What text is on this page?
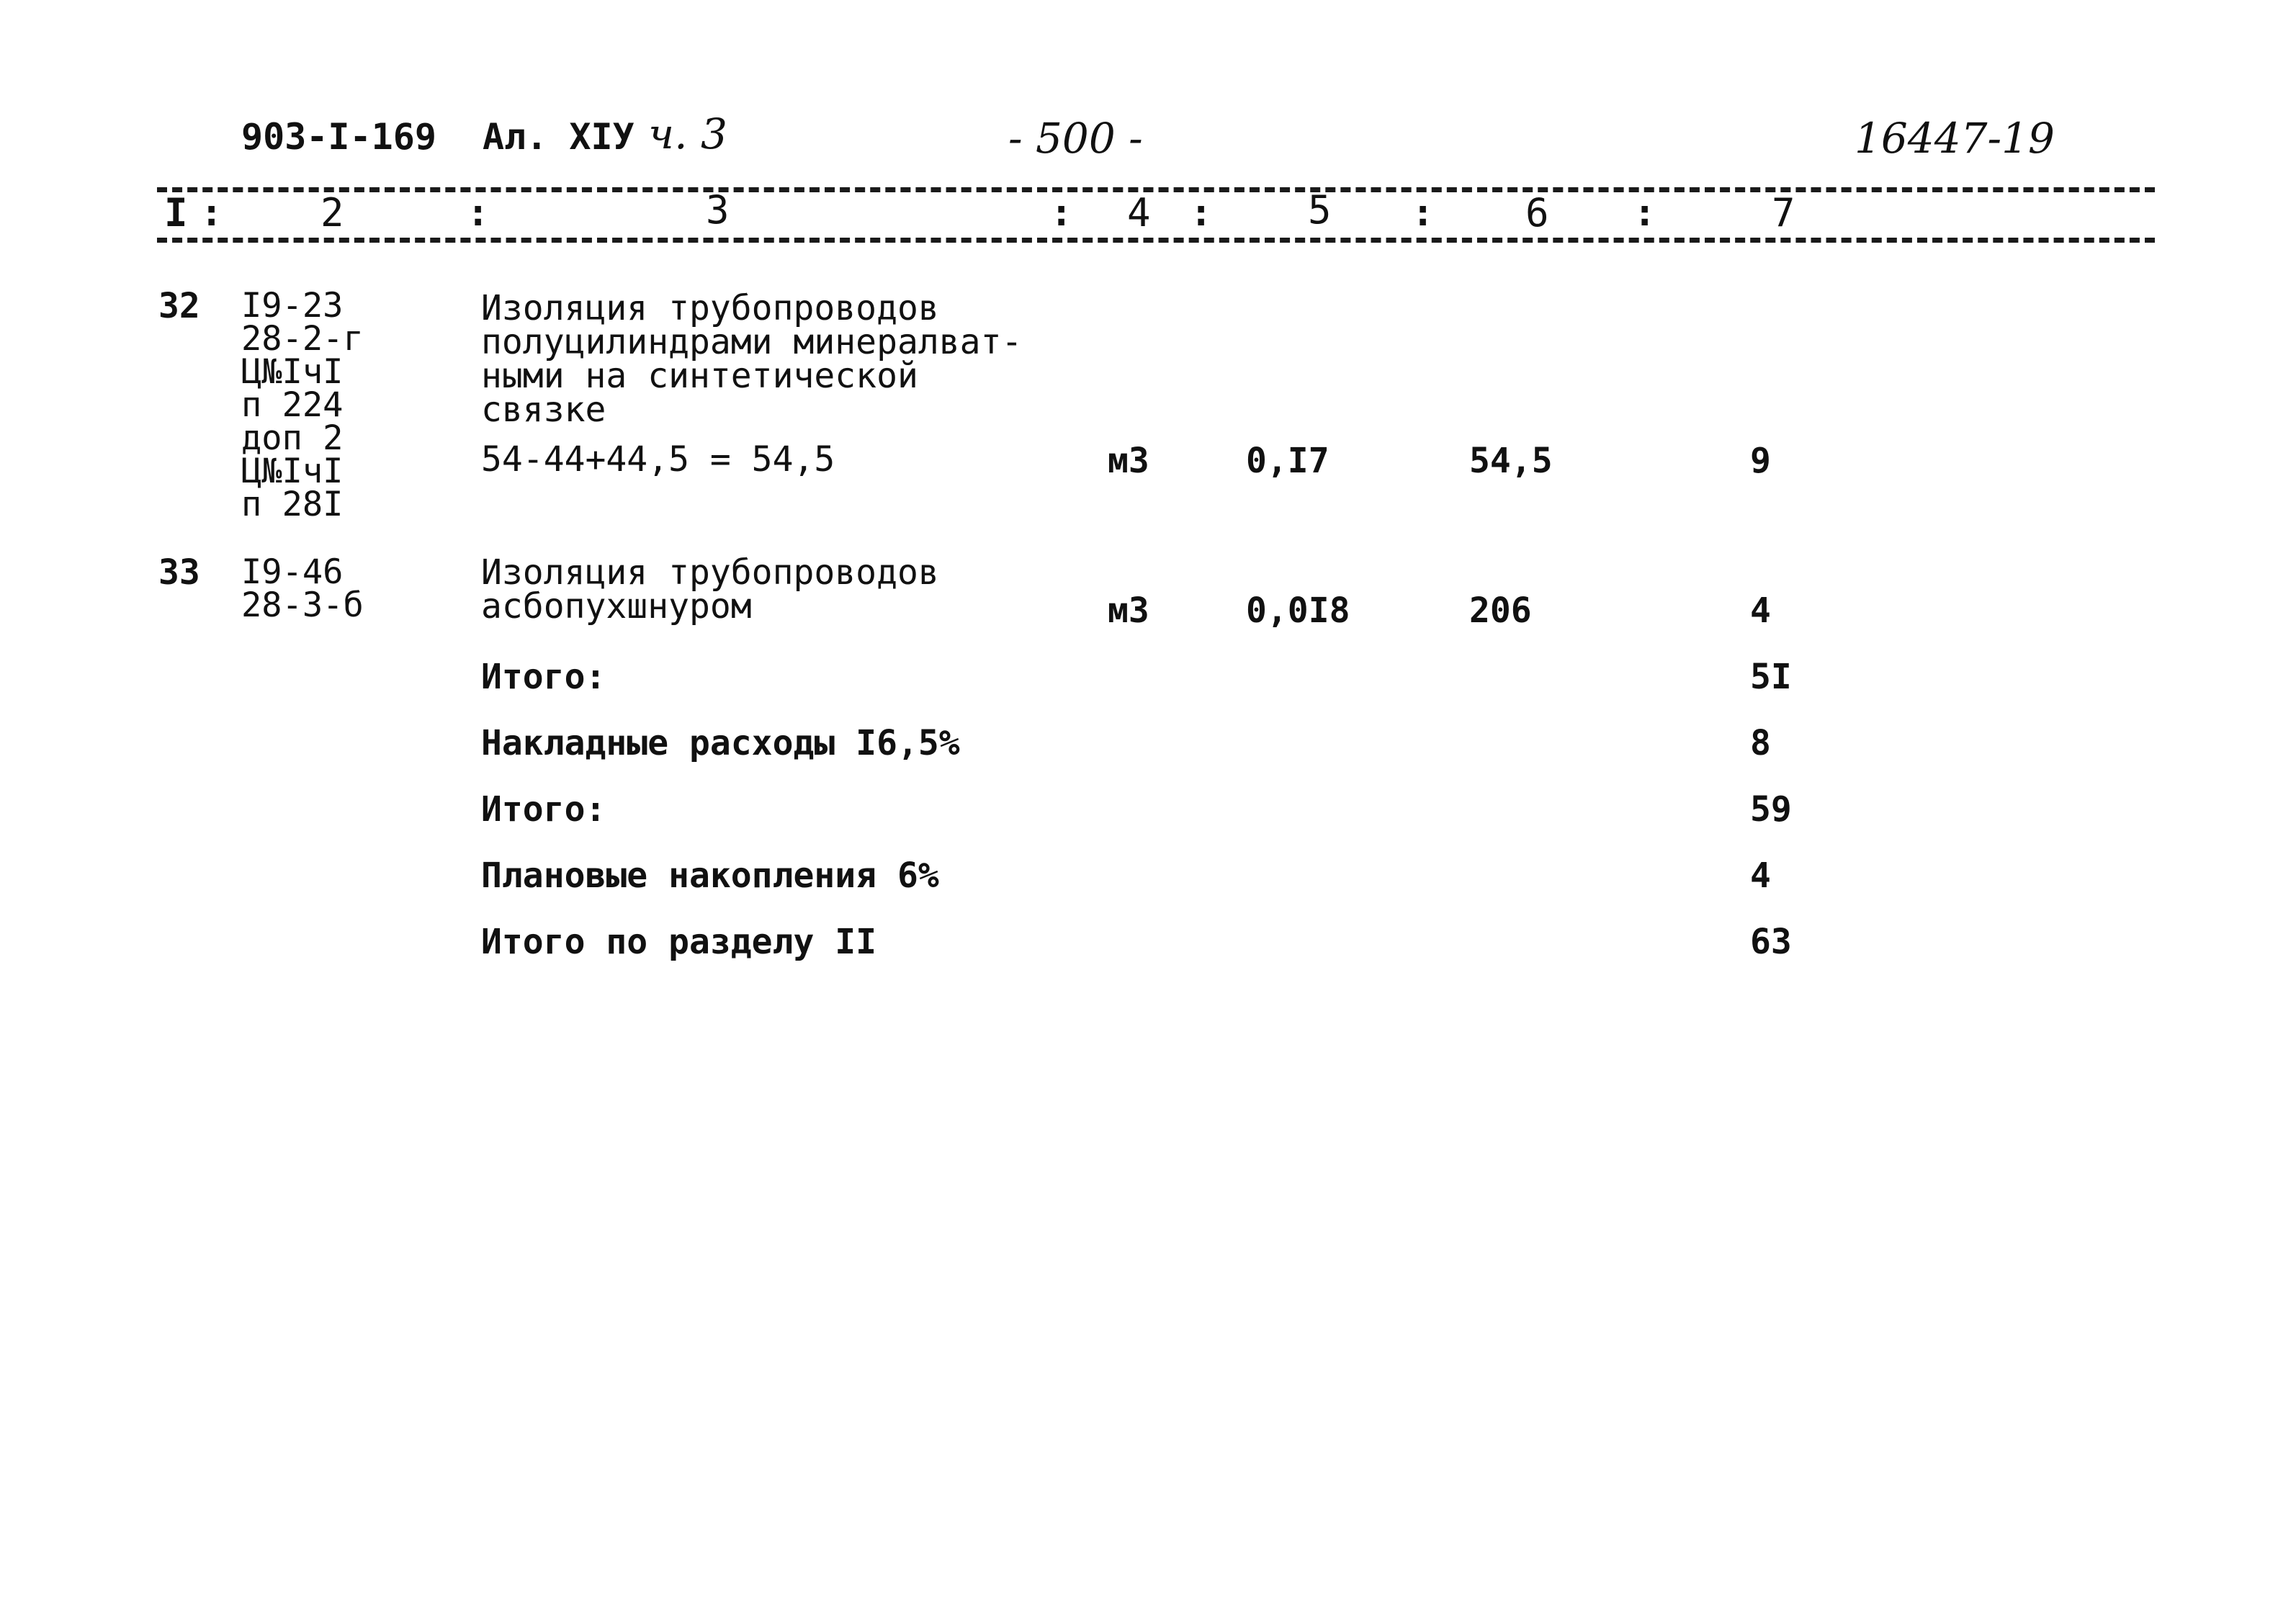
903-I-169 Ал. XIУ ч. 3	- 500 -	16447-19
I :	2	:	3	: 4 : 5 : 6 :	7
32 I9-23
28-2-г
Ц№IчI
п 224
доп 2
Ц№IчI
п 28I
Изоляция трубопроводов
полуцилиндрами минералват-
ными на синтетической
связке
54-44+44,5 = 54,5	м3	0,I7	54,5	9
33 I9-46
28-3-б
Изоляция трубопроводов
асбопухшнуром	м3	0,0I8	206	4
Итого:	5I
Накладные расходы I6,5%	8
Итого:	59
Плановые накопления 6%	4
Итого по разделу II	63
